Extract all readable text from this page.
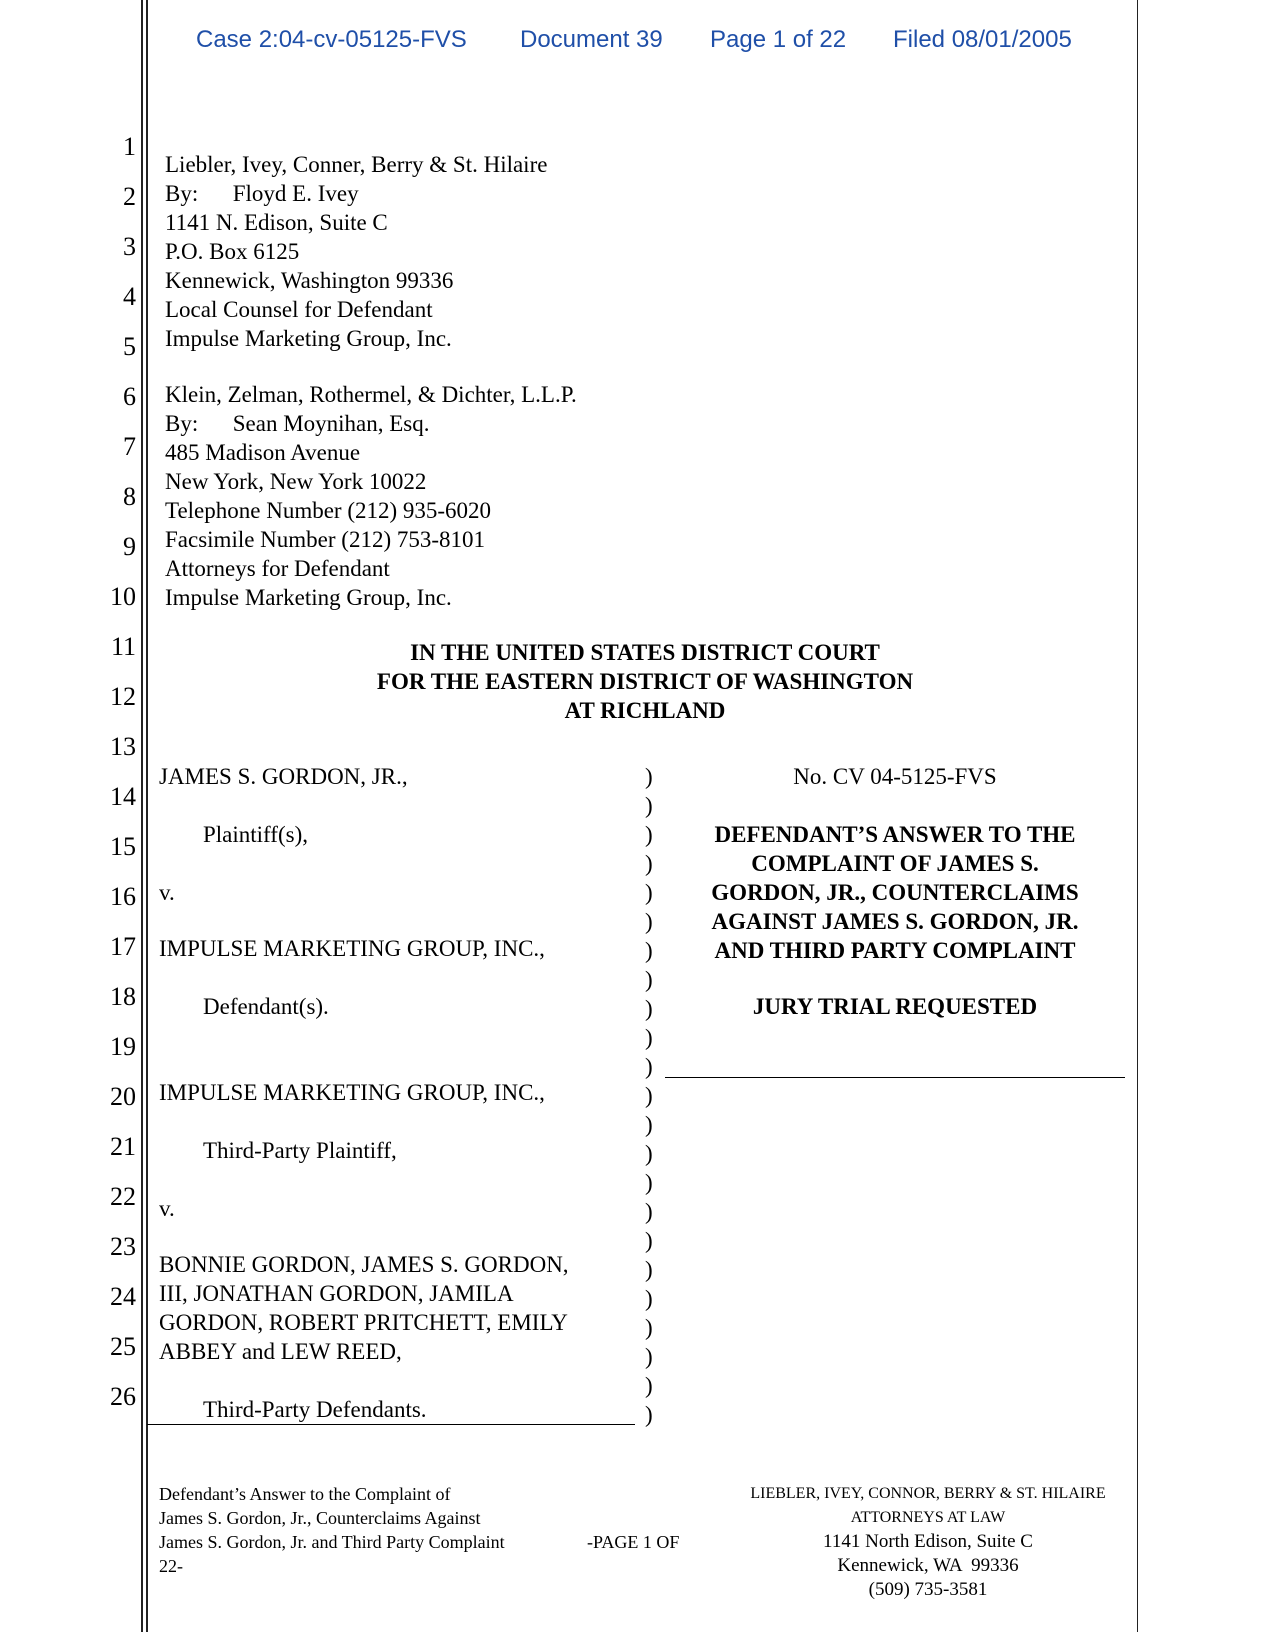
Case 2:04-cv-05125-FVS Document 39 Page 1 of 22 Filed 08/01/2005
1
2
3
4
5
6
7
8
9
10
11
12
13
14
15
16
17
18
19
20
21
22
23
24
25
26
Liebler, Ivey, Conner, Berry & St. Hilaire
By:      Floyd E. Ivey
1141 N. Edison, Suite C
P.O. Box 6125
Kennewick, Washington 99336
Local Counsel for Defendant
Impulse Marketing Group, Inc.
Klein, Zelman, Rothermel, & Dichter, L.L.P.
By:      Sean Moynihan, Esq.
485 Madison Avenue
New York, New York 10022
Telephone Number (212) 935-6020
Facsimile Number (212) 753-8101
Attorneys for Defendant
Impulse Marketing Group, Inc.
IN THE UNITED STATES DISTRICT COURT
FOR THE EASTERN DISTRICT OF WASHINGTON
AT RICHLAND
JAMES S. GORDON, JR.,
Plaintiff(s),
v.
IMPULSE MARKETING GROUP, INC.,
Defendant(s).
IMPULSE MARKETING GROUP, INC.,
Third-Party Plaintiff,
v.
BONNIE GORDON, JAMES S. GORDON,
III, JONATHAN GORDON, JAMILA
GORDON, ROBERT PRITCHETT, EMILY
ABBEY and LEW REED,
Third-Party Defendants.
)
)
)
)
)
)
)
)
)
)
)
)
)
)
)
)
)
)
)
)
)
)
)
No. CV 04-5125-FVS
DEFENDANT’S ANSWER TO THE
COMPLAINT OF JAMES S.
GORDON, JR., COUNTERCLAIMS
AGAINST JAMES S. GORDON, JR.
AND THIRD PARTY COMPLAINT
JURY TRIAL REQUESTED
Defendant’s Answer to the Complaint of
James S. Gordon, Jr., Counterclaims Against
James S. Gordon, Jr. and Third Party Complaint
22-
-PAGE 1 OF
LIEBLER, IVEY, CONNOR, BERRY & ST. HILAIRE
ATTORNEYS AT LAW
1141 North Edison, Suite C
Kennewick, WA  99336
(509) 735-3581
